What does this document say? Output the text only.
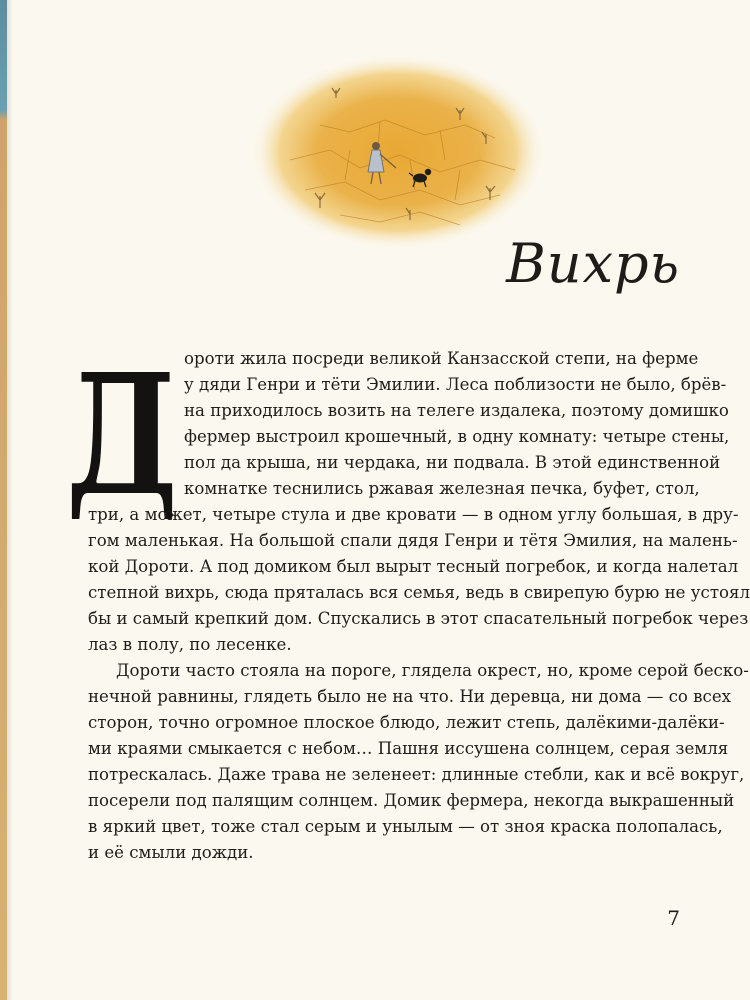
Вихрь
Д ороти жила посреди великой Канзасской степи, на ферме
у дяди Генри и тёти Эмилии. Леса поблизости не было, брёв-
на приходилось возить на телеге издалека, поэтому домишко
фермер выстроил крошечный, в одну комнату: четыре стены,
пол да крыша, ни чердака, ни подвала. В этой единственной
комнатке теснились ржавая железная печка, буфет, стол,
три, а может, четыре стула и две кровати — в одном углу большая, в дру-
гом маленькая. На большой спали дядя Генри и тётя Эмилия, на малень-
кой Дороти. А под домиком был вырыт тесный погребок, и когда налетал
степной вихрь, сюда пряталась вся семья, ведь в свирепую бурю не устоял
бы и самый крепкий дом. Спускались в этот спасательный погребок через
лаз в полу, по лесенке.
Дороти часто стояла на пороге, глядела окрест, но, кроме серой беско-
нечной равнины, глядеть было не на что. Ни деревца, ни дома — со всех
сторон, точно огромное плоское блюдо, лежит степь, далёкими-далёки-
ми краями смыкается с небом… Пашня иссушена солнцем, серая земля
потрескалась. Даже трава не зеленеет: длинные стебли, как и всё вокруг,
посерели под палящим солнцем. Домик фермера, некогда выкрашенный
в яркий цвет, тоже стал серым и унылым — от зноя краска полопалась,
и её смыли дожди.
7
